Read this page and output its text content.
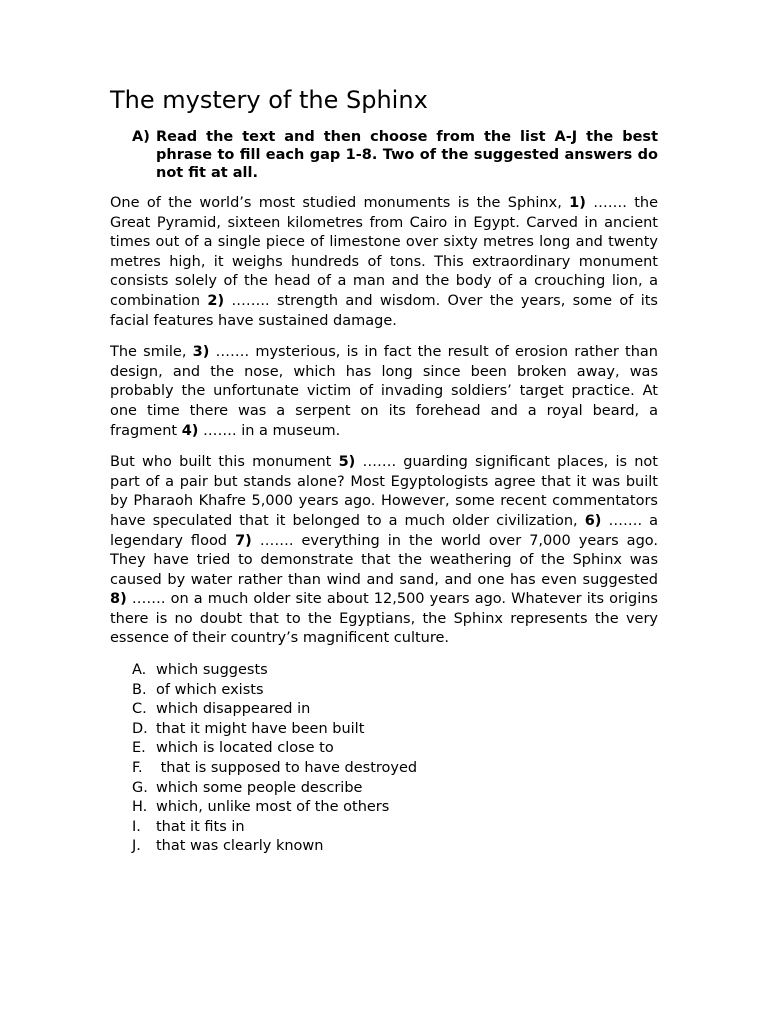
The mystery of the Sphinx
A) Read the text and then choose from the list A-J the best phrase to fill each gap 1-8. Two of the suggested answers do not fit at all.

One of the world’s most studied monuments is the Sphinx, 1) ……. the Great Pyramid, sixteen kilometres from Cairo in Egypt. Carved in ancient times out of a single piece of limestone over sixty metres long and twenty metres high, it weighs hundreds of tons. This extraordinary monument consists solely of the head of a man and the body of a crouching lion, a combination 2) …….. strength and wisdom. Over the years, some of its facial features have sustained damage.

The smile, 3) ……. mysterious, is in fact the result of erosion rather than design, and the nose, which has long since been broken away, was probably the unfortunate victim of invading soldiers’ target practice. At one time there was a serpent on its forehead and a royal beard, a fragment 4) ……. in a museum.

But who built this monument 5) ……. guarding significant places, is not part of a pair but stands alone? Most Egyptologists agree that it was built by Pharaoh Khafre 5,000 years ago. However, some recent commentators have speculated that it belonged to a much older civilization, 6) ……. a legendary flood 7) ……. everything in the world over 7,000 years ago. They have tried to demonstrate that the weathering of the Sphinx was caused by water rather than wind and sand, and one has even suggested 8) ……. on a much older site about 12,500 years ago. Whatever its origins there is no doubt that to the Egyptians, the Sphinx represents the very essence of their country’s magnificent culture.

A. which suggests
B. of which exists
C. which disappeared in
D. that it might have been built
E. which is located close to
F. that is supposed to have destroyed
G. which some people describe
H. which, unlike most of the others
I.	that it fits in
J.	that was clearly known
